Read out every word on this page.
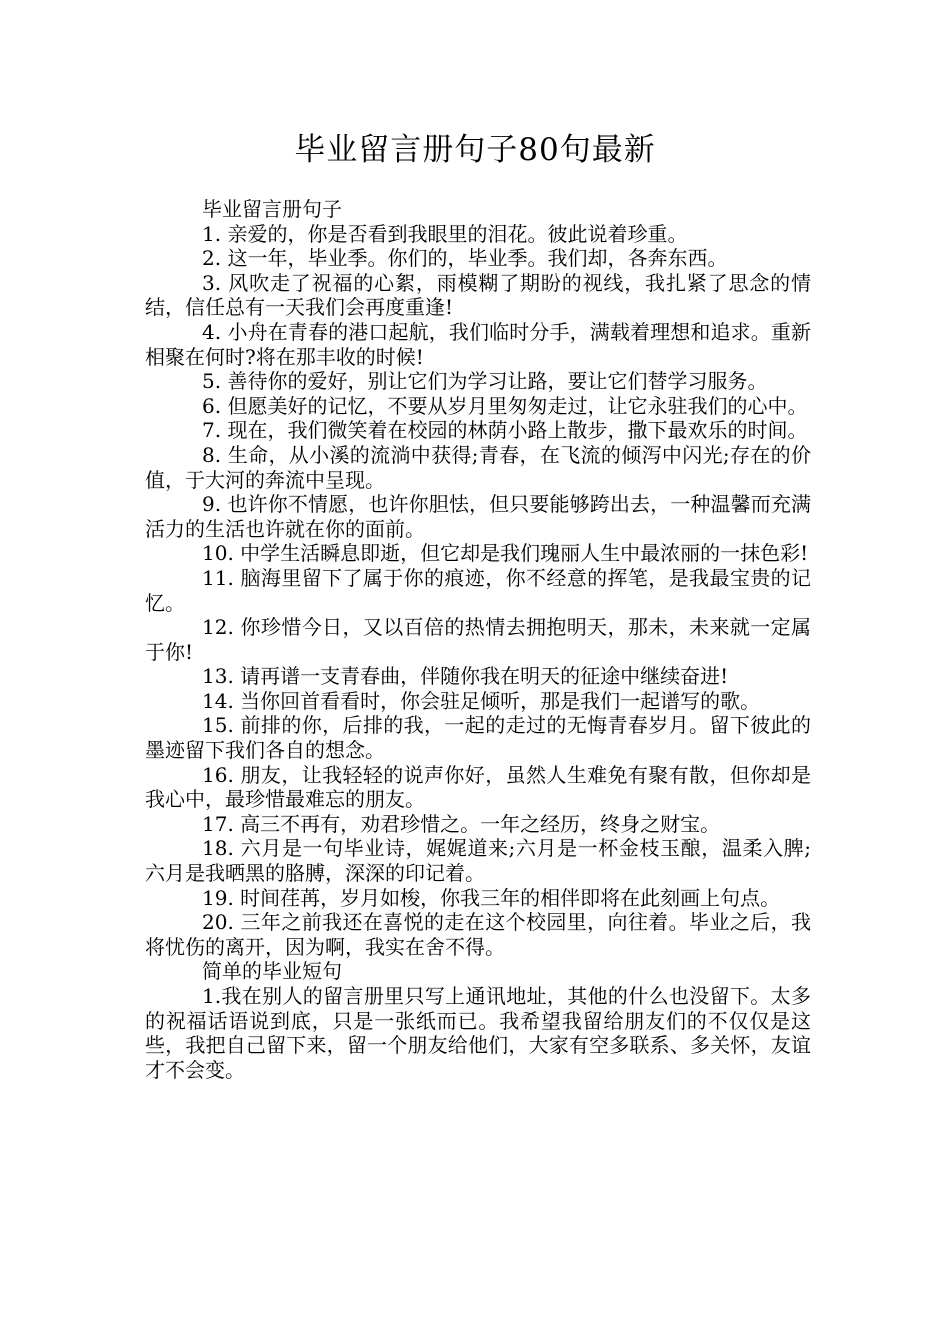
毕业留言册句子80句最新

毕业留言册句子

1. 亲爱的，你是否看到我眼里的泪花。彼此说着珍重。

2. 这一年，毕业季。你们的，毕业季。我们却，各奔东西。

3. 风吹走了祝福的心絮，雨模糊了期盼的视线，我扎紧了思念的情结，信任总有一天我们会再度重逢!

4. 小舟在青春的港口起航，我们临时分手，满载着理想和追求。重新相聚在何时?将在那丰收的时候!

5. 善待你的爱好，别让它们为学习让路，要让它们替学习服务。

6. 但愿美好的记忆，不要从岁月里匆匆走过，让它永驻我们的心中。

7. 现在，我们微笑着在校园的林荫小路上散步，撒下最欢乐的时间。

8. 生命，从小溪的流淌中获得;青春，在飞流的倾泻中闪光;存在的价值，于大河的奔流中呈现。

9. 也许你不情愿，也许你胆怯，但只要能够跨出去，一种温馨而充满活力的生活也许就在你的面前。

10. 中学生活瞬息即逝，但它却是我们瑰丽人生中最浓丽的一抹色彩!

11. 脑海里留下了属于你的痕迹，你不经意的挥笔，是我最宝贵的记忆。

12. 你珍惜今日，又以百倍的热情去拥抱明天，那未，未来就一定属于你!

13. 请再谱一支青春曲，伴随你我在明天的征途中继续奋进!

14. 当你回首看看时，你会驻足倾听，那是我们一起谱写的歌。

15. 前排的你，后排的我，一起的走过的无悔青春岁月。留下彼此的墨迹留下我们各自的想念。

16. 朋友，让我轻轻的说声你好，虽然人生难免有聚有散，但你却是我心中，最珍惜最难忘的朋友。

17. 高三不再有，劝君珍惜之。一年之经历，终身之财宝。

18. 六月是一句毕业诗，娓娓道来;六月是一杯金枝玉酿，温柔入脾;六月是我晒黑的胳膊，深深的印记着。

19. 时间荏苒，岁月如梭，你我三年的相伴即将在此刻画上句点。

20. 三年之前我还在喜悦的走在这个校园里，向往着。毕业之后，我将忧伤的离开，因为啊，我实在舍不得。

简单的毕业短句

1.我在别人的留言册里只写上通讯地址，其他的什么也没留下。太多的祝福话语说到底，只是一张纸而已。我希望我留给朋友们的不仅仅是这些，我把自己留下来，留一个朋友给他们，大家有空多联系、多关怀，友谊才不会变。
